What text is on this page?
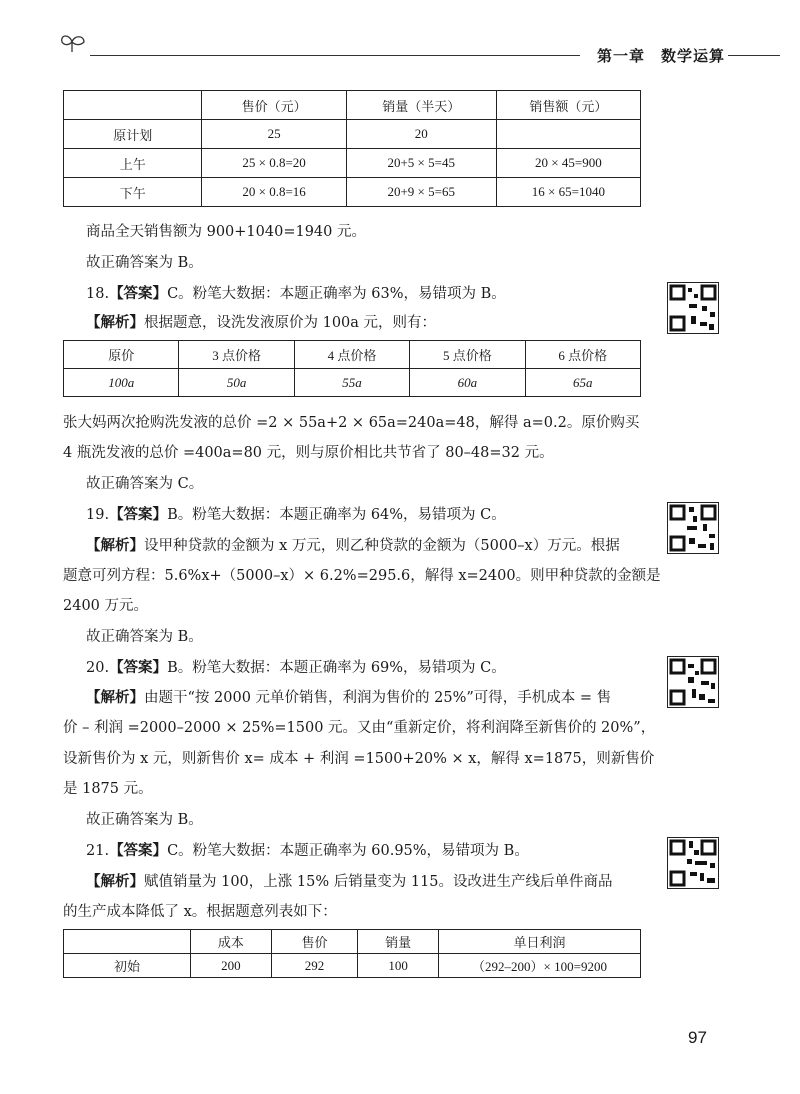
第一章　数学运算
	售价（元）	销量（半天）	销售额（元）
原计划	25	20	
上午	25 × 0.8=20	20+5 × 5=45	20 × 45=900
下午	20 × 0.8=16	20+9 × 5=65	16 × 65=1040
商品全天销售额为 900+1040=1940 元。
故正确答案为 B。
18.【答案】C。粉笔大数据：本题正确率为 63%，易错项为 B。
【解析】根据题意，设洗发液原价为 100a 元，则有：
原价	3 点价格	4 点价格	5 点价格	6 点价格
100a	50a	55a	60a	65a
张大妈两次抢购洗发液的总价 =2 × 55a+2 × 65a=240a=48，解得 a=0.2。原价购买
4 瓶洗发液的总价 =400a=80 元，则与原价相比共节省了 80–48=32 元。
故正确答案为 C。
19.【答案】B。粉笔大数据：本题正确率为 64%，易错项为 C。
【解析】设甲种贷款的金额为 x 万元，则乙种贷款的金额为（5000–x）万元。根据
题意可列方程：5.6%x+（5000–x）× 6.2%=295.6，解得 x=2400。则甲种贷款的金额是
2400 万元。
故正确答案为 B。
20.【答案】B。粉笔大数据：本题正确率为 69%，易错项为 C。
【解析】由题干“按 2000 元单价销售，利润为售价的 25%”可得，手机成本 = 售
价 – 利润 =2000–2000 × 25%=1500 元。又由“重新定价，将利润降至新售价的 20%”，
设新售价为 x 元，则新售价 x= 成本 + 利润 =1500+20% × x，解得 x=1875，则新售价
是 1875 元。
故正确答案为 B。
21.【答案】C。粉笔大数据：本题正确率为 60.95%，易错项为 B。
【解析】赋值销量为 100，上涨 15% 后销量变为 115。设改进生产线后单件商品
的生产成本降低了 x。根据题意列表如下：
	成本	售价	销量	单日利润
初始	200	292	100	（292–200）× 100=9200
97
